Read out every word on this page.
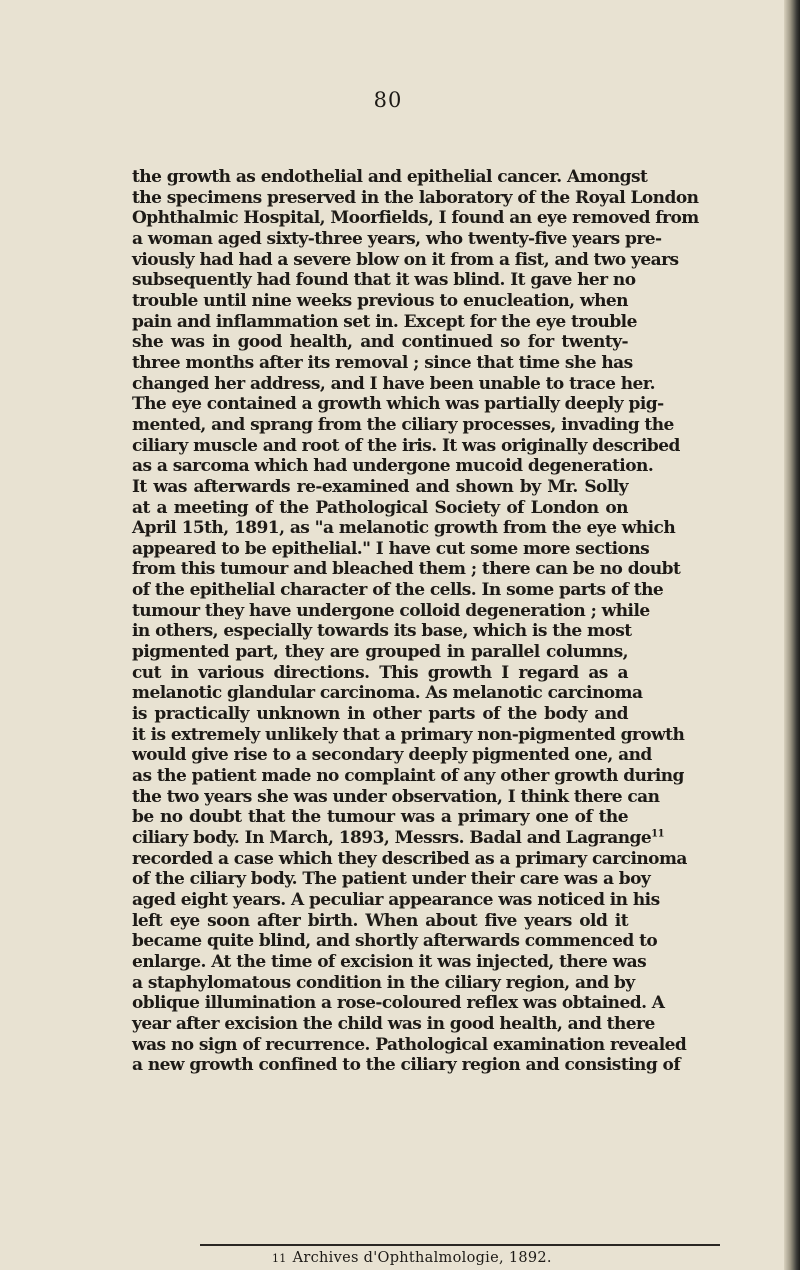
80
the growth as endothelial and epithelial cancer. Amongst
the specimens preserved in the laboratory of the Royal London
Ophthalmic Hospital, Moorfields, I found an eye removed from
a woman aged sixty-three years, who twenty-five years pre-
viously had had a severe blow on it from a fist, and two years
subsequently had found that it was blind. It gave her no
trouble until nine weeks previous to enucleation, when
pain and inflammation set in. Except for the eye trouble
she was in good health, and continued so for twenty-
three months after its removal ; since that time she has
changed her address, and I have been unable to trace her.
The eye contained a growth which was partially deeply pig-
mented, and sprang from the ciliary processes, invading the
ciliary muscle and root of the iris. It was originally described
as a sarcoma which had undergone mucoid degeneration.
It was afterwards re-examined and shown by Mr. Solly
at a meeting of the Pathological Society of London on
April 15th, 1891, as "a melanotic growth from the eye which
appeared to be epithelial." I have cut some more sections
from this tumour and bleached them ; there can be no doubt
of the epithelial character of the cells. In some parts of the
tumour they have undergone colloid degeneration ; while
in others, especially towards its base, which is the most
pigmented part, they are grouped in parallel columns,
cut in various directions. This growth I regard as a
melanotic glandular carcinoma. As melanotic carcinoma
is practically unknown in other parts of the body and
it is extremely unlikely that a primary non-pigmented growth
would give rise to a secondary deeply pigmented one, and
as the patient made no complaint of any other growth during
the two years she was under observation, I think there can
be no doubt that the tumour was a primary one of the
ciliary body. In March, 1893, Messrs. Badal and Lagrange$^{11}$
recorded a case which they described as a primary carcinoma
of the ciliary body. The patient under their care was a boy
aged eight years. A peculiar appearance was noticed in his
left eye soon after birth. When about five years old it
became quite blind, and shortly afterwards commenced to
enlarge. At the time of excision it was injected, there was
a staphylomatous condition in the ciliary region, and by
oblique illumination a rose-coloured reflex was obtained. A
year after excision the child was in good health, and there
was no sign of recurrence. Pathological examination revealed
a new growth confined to the ciliary region and consisting of
11 Archives d'Ophthalmologie, 1892.
